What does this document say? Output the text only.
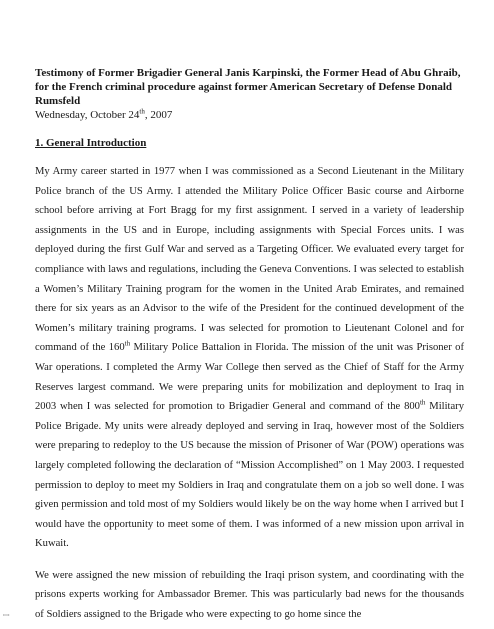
Testimony of Former Brigadier General Janis Karpinski, the Former Head of Abu Ghraib, for the French criminal procedure against former American Secretary of Defense Donald Rumsfeld

Wednesday, October 24th, 2007

1. General Introduction

My Army career started in 1977 when I was commissioned as a Second Lieutenant in the Military Police branch of the US Army. I attended the Military Police Officer Basic course and Airborne school before arriving at Fort Bragg for my first assignment. I served in a variety of leadership assignments in the US and in Europe, including assignments with Special Forces units. I was deployed during the first Gulf War and served as a Targeting Officer. We evaluated every target for compliance with laws and regulations, including the Geneva Conventions. I was selected to establish a Women’s Military Training program for the women in the United Arab Emirates, and remained there for six years as an Advisor to the wife of the President for the continued development of the Women’s military training programs. I was selected for promotion to Lieutenant Colonel and for command of the 160th Military Police Battalion in Florida. The mission of the unit was Prisoner of War operations. I completed the Army War College then served as the Chief of Staff for the Army Reserves largest command. We were preparing units for mobilization and deployment to Iraq in 2003 when I was selected for promotion to Brigadier General and command of the 800th Military Police Brigade. My units were already deployed and serving in Iraq, however most of the Soldiers were preparing to redeploy to the US because the mission of Prisoner of War (POW) operations was largely completed following the declaration of “Mission Accomplished” on 1 May 2003. I requested permission to deploy to meet my Soldiers in Iraq and congratulate them on a job so well done. I was given permission and told most of my Soldiers would likely be on the way home when I arrived but I would have the opportunity to meet some of them. I was informed of a new mission upon arrival in Kuwait.

We were assigned the new mission of rebuilding the Iraqi prison system, and coordinating with the prisons experts working for Ambassador Bremer. This was particularly bad news for the thousands of Soldiers assigned to the Brigade who were expecting to go home since the

ꟷ
